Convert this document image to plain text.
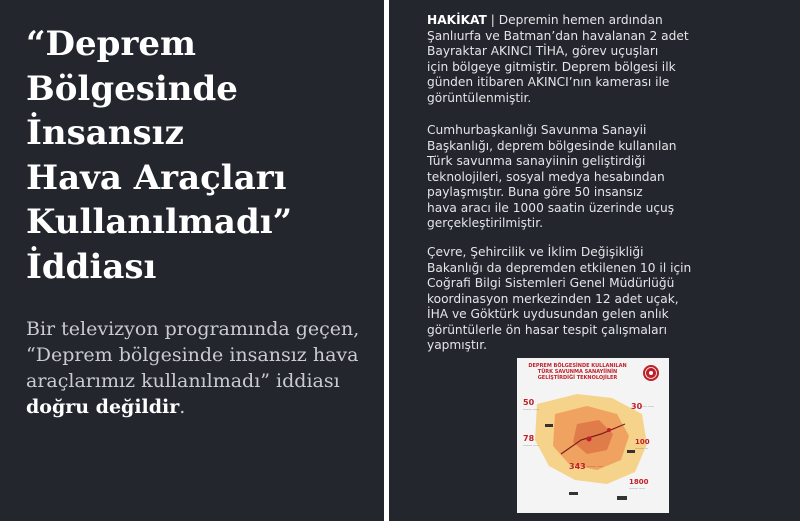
“Deprem
Bölgesinde
İnsansız
Hava Araçları
Kullanılmadı”
İddiası

Bir televizyon programında geçen,
“Deprem bölgesinde insansız hava
araçlarımız kullanılmadı” iddiası
doğru değildir.

HAKİKAT | Depremin hemen ardından
Şanlıurfa ve Batman’dan havalanan 2 adet
Bayraktar AKINCI TİHA, görev uçuşları
için bölgeye gitmiştir. Deprem bölgesi ilk
günden itibaren AKINCI’nın kamerası ile
görüntülenmiştir.

Cumhurbaşkanlığı Savunma Sanayii
Başkanlığı, deprem bölgesinde kullanılan
Türk savunma sanayiinin geliştirdiği
teknolojileri, sosyal medya hesabından
paylaşmıştır. Buna göre 50 insansız
hava aracı ile 1000 saatin üzerinde uçuş
gerçekleştirilmiştir.

Çevre, Şehircilik ve İklim Değişikliği
Bakanlığı da depremden etkilenen 10 il için
Coğrafi Bilgi Sistemleri Genel Müdürlüğü
koordinasyon merkezinden 12 adet uçak,
İHA ve Göktürk uydusundan gelen anlık
görüntülerle ön hasar tespit çalışmaları
yapmıştır.

DEPREM BÖLGESİNDE KULLANILAN
TÜRK SAVUNMA SANAYİİNİN
GELİŞTİRDİĞİ TEKNOLOJİLER

50

——— ——	30

—— ——

78

——— ——	100

——— —

343 ——— ——

1800

——— ——
